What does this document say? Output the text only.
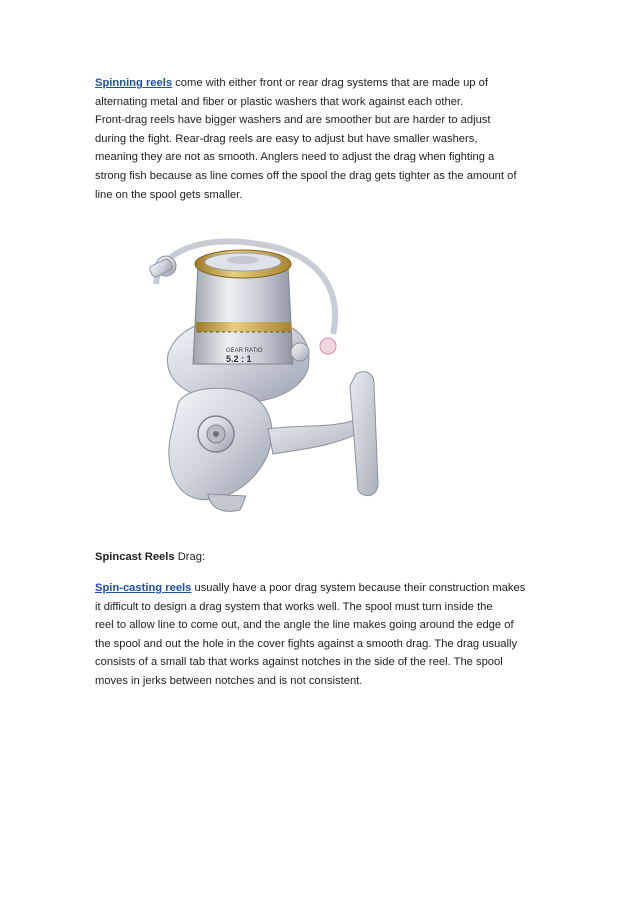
Spinning reels come with either front or rear drag systems that are made up of
alternating metal and fiber or plastic washers that work against each other.
Front-drag reels have bigger washers and are smoother but are harder to adjust
during the fight. Rear-drag reels are easy to adjust but have smaller washers,
meaning they are not as smooth. Anglers need to adjust the drag when fighting a
strong fish because as line comes off the spool the drag gets tighter as the amount of
line on the spool gets smaller.

GEAR RATIO
5.2 : 1

Spincast Reels Drag:

Spin-casting reels usually have a poor drag system because their construction makes
it difficult to design a drag system that works well. The spool must turn inside the
reel to allow line to come out, and the angle the line makes going around the edge of
the spool and out the hole in the cover fights against a smooth drag. The drag usually
consists of a small tab that works against notches in the side of the reel. The spool
moves in jerks between notches and is not consistent.
